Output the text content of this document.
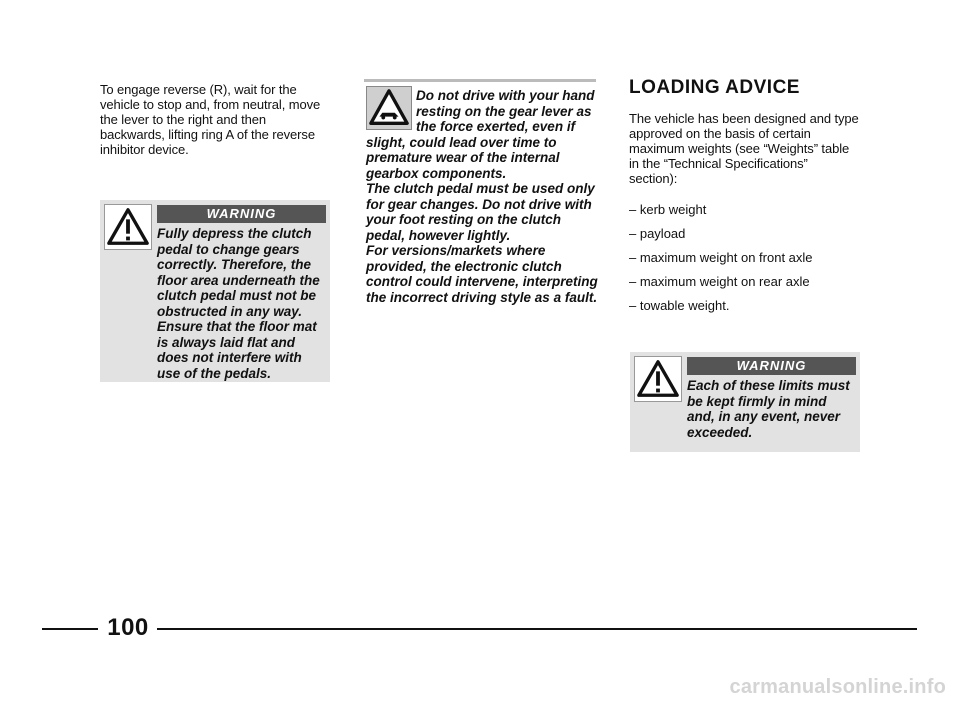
To engage reverse (R), wait for the vehicle to stop and, from neutral, move the lever to the right and then backwards, lifting ring A of the reverse inhibitor device.
WARNING
Fully depress the clutch pedal to change gears correctly. Therefore, the floor area underneath the clutch pedal must not be obstructed in any way. Ensure that the floor mat is always laid flat and does not interfere with use of the pedals.
Do not drive with your hand resting on the gear lever as the force exerted, even if slight, could lead over time to premature wear of the internal gearbox components.
The clutch pedal must be used only for gear changes. Do not drive with your foot resting on the clutch pedal, however lightly.
For versions/markets where provided, the electronic clutch control could intervene, interpreting the incorrect driving style as a fault.
LOADING ADVICE
The vehicle has been designed and type approved on the basis of certain maximum weights (see “Weights” table in the “Technical Specifications” section):
– kerb weight
– payload
– maximum weight on front axle
– maximum weight on rear axle
– towable weight.
WARNING
Each of these limits must be kept firmly in mind and, in any event, never exceeded.
100
carmanualsonline.info
